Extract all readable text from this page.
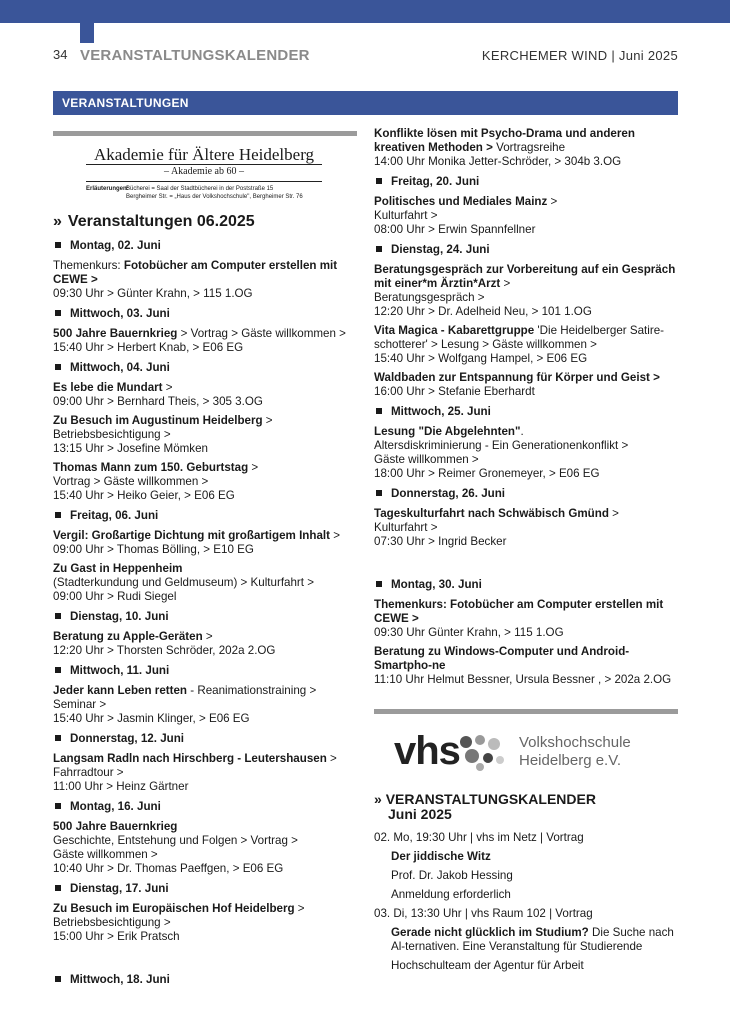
34 VERANSTALTUNGSKALENDER	KERCHEMER WIND | Juni 2025
VERANSTALTUNGEN
Akademie für Ältere Heidelberg
– Akademie ab 60 –
Erläuterungen:
Bücherei = Saal der Stadtbücherei in der Poststraße 15
Bergheimer Str. = „Haus der Volkshochschule", Bergheimer Str. 76
» Veranstaltungen 06.2025
Montag, 02. Juni
Themenkurs: Fotobücher am Computer erstellen mit CEWE >
09:30 Uhr > Günter Krahn, > 115 1.OG
Mittwoch, 03. Juni
500 Jahre Bauernkrieg > Vortrag > Gäste willkommen >
15:40 Uhr > Herbert Knab, > E06 EG
Mittwoch, 04. Juni
Es lebe die Mundart >
09:00 Uhr > Bernhard Theis, > 305 3.OG
Zu Besuch im Augustinum Heidelberg >
Betriebsbesichtigung >
13:15 Uhr > Josefine Mömken
Thomas Mann zum 150. Geburtstag >
Vortrag > Gäste willkommen >
15:40 Uhr > Heiko Geier, > E06 EG
Freitag, 06. Juni
Vergil: Großartige Dichtung mit großartigem Inhalt >
09:00 Uhr > Thomas Bölling, > E10 EG
Zu Gast in Heppenheim
(Stadterkundung und Geldmuseum) > Kulturfahrt >
09:00 Uhr > Rudi Siegel
Dienstag, 10. Juni
Beratung zu Apple-Geräten >
12:20 Uhr > Thorsten Schröder, 202a 2.OG
Mittwoch, 11. Juni
Jeder kann Leben retten - Reanimationstraining >
Seminar >
15:40 Uhr > Jasmin Klinger, > E06 EG
Donnerstag, 12. Juni
Langsam Radln nach Hirschberg - Leutershausen >
Fahrradtour >
11:00 Uhr > Heinz Gärtner
Montag, 16. Juni
500 Jahre Bauernkrieg
Geschichte, Entstehung und Folgen > Vortrag >
Gäste willkommen >
10:40 Uhr > Dr. Thomas Paeffgen, > E06 EG
Dienstag, 17. Juni
Zu Besuch im Europäischen Hof Heidelberg >
Betriebsbesichtigung >
15:00 Uhr > Erik Pratsch
Mittwoch, 18. Juni
Konflikte lösen mit Psycho-Drama und anderen kreativen Methoden > Vortragsreihe
14:00 Uhr Monika Jetter-Schröder, > 304b 3.OG
Freitag, 20. Juni
Politisches und Mediales Mainz >
Kulturfahrt >
08:00 Uhr > Erwin Spannfellner
Dienstag, 24. Juni
Beratungsgespräch zur Vorbereitung auf ein Gespräch mit einer*m Ärztin*Arzt >
Beratungsgespräch >
12:20 Uhr > Dr. Adelheid Neu, > 101 1.OG
Vita Magica - Kabarettgruppe 'Die Heidelberger Satire-schotterer' > Lesung > Gäste willkommen >
15:40 Uhr > Wolfgang Hampel, > E06 EG
Waldbaden zur Entspannung für Körper und Geist >
16:00 Uhr > Stefanie Eberhardt
Mittwoch, 25. Juni
Lesung "Die Abgelehnten".
Altersdiskriminierung - Ein Generationenkonflikt >
Gäste willkommen >
18:00 Uhr > Reimer Gronemeyer, > E06 EG
Donnerstag, 26. Juni
Tageskulturfahrt nach Schwäbisch Gmünd >
Kulturfahrt >
07:30 Uhr > Ingrid Becker
Montag, 30. Juni
Themenkurs: Fotobücher am Computer erstellen mit CEWE >
09:30 Uhr Günter Krahn, > 115 1.OG
Beratung zu Windows-Computer und Android-Smartpho-ne
11:10 Uhr Helmut Bessner, Ursula Bessner , > 202a 2.OG
vhs	Volkshochschule
Heidelberg e.V.
» VERANSTALTUNGSKALENDER
Juni 2025
02. Mo, 19:30 Uhr | vhs im Netz | Vortrag
Der jiddische Witz
Prof. Dr. Jakob Hessing
Anmeldung erforderlich
03. Di, 13:30 Uhr | vhs Raum 102 | Vortrag
Gerade nicht glücklich im Studium? Die Suche nach Al-ternativen. Eine Veranstaltung für Studierende
Hochschulteam der Agentur für Arbeit
